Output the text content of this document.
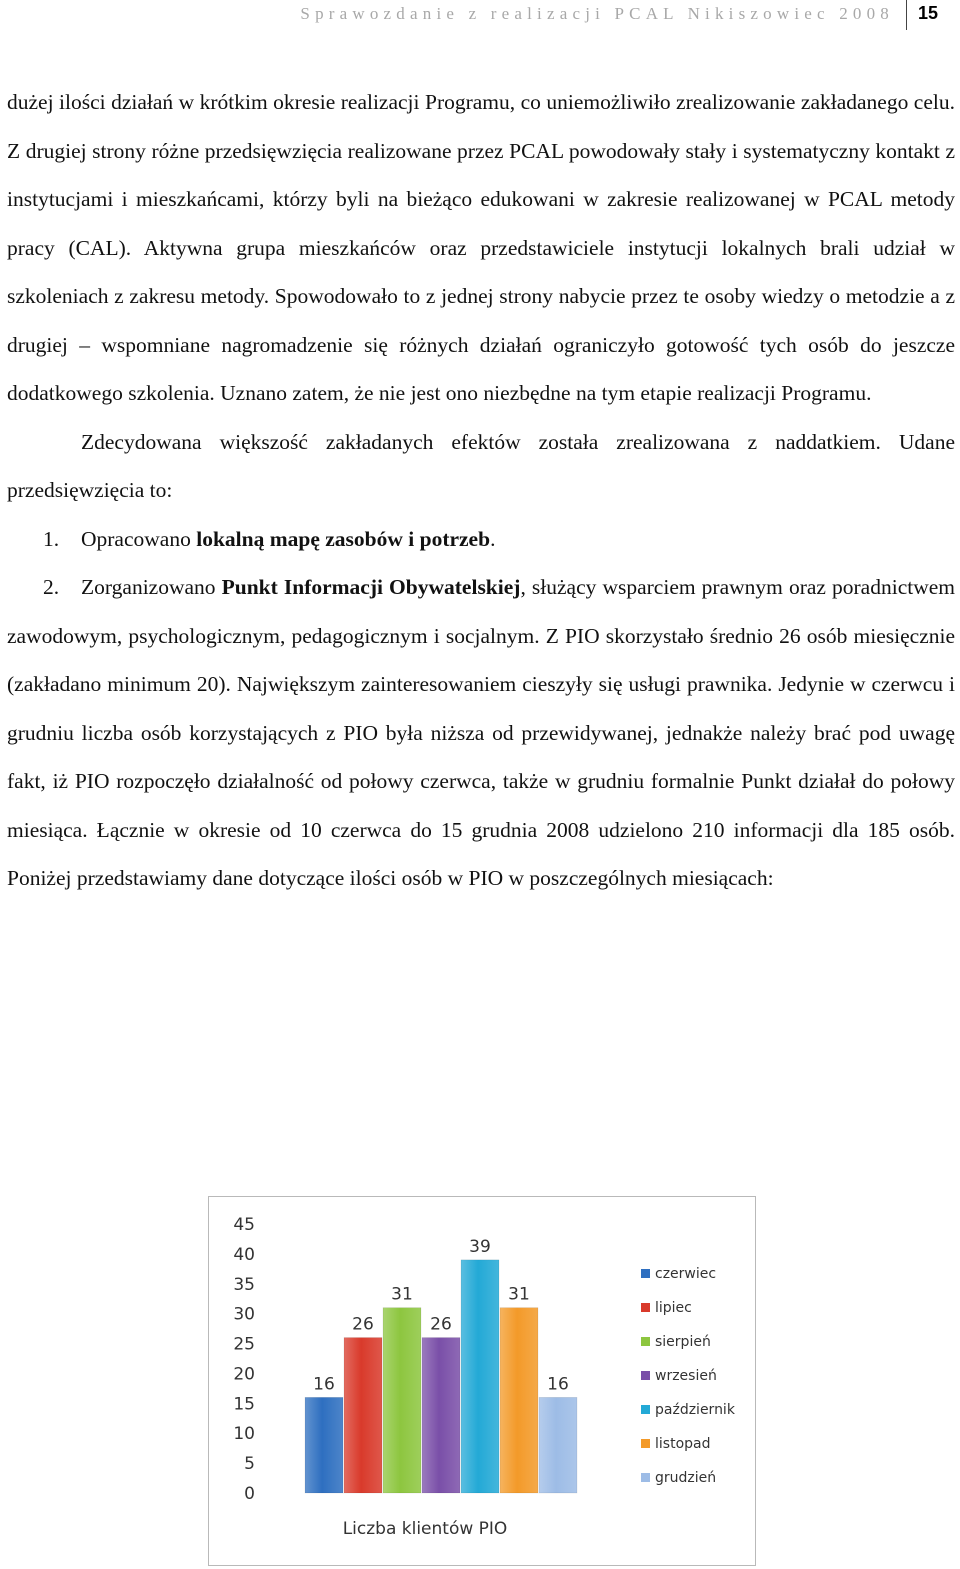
Sprawozdanie z realizacji PCAL Nikiszowiec 2008 15

dużej ilości działań w krótkim okresie realizacji Programu, co uniemożliwiło zrealizowanie zakładanego celu. Z drugiej strony różne przedsięwzięcia realizowane przez PCAL powodowały stały i systematyczny kontakt z instytucjami i mieszkańcami, którzy byli na bieżąco edukowani w zakresie realizowanej w PCAL metody pracy (CAL). Aktywna grupa mieszkańców oraz przedstawiciele instytucji lokalnych brali udział w szkoleniach z zakresu metody. Spowodowało to z jednej strony nabycie przez te osoby wiedzy o metodzie a z drugiej – wspomniane nagromadzenie się różnych działań ograniczyło gotowość tych osób do jeszcze dodatkowego szkolenia. Uznano zatem, że nie jest ono niezbędne na tym etapie realizacji Programu.

Zdecydowana większość zakładanych efektów została zrealizowana z naddatkiem. Udane przedsięwzięcia to:

1. Opracowano lokalną mapę zasobów i potrzeb.

2. Zorganizowano Punkt Informacji Obywatelskiej, służący wsparciem prawnym oraz poradnictwem zawodowym, psychologicznym, pedagogicznym i socjalnym. Z PIO skorzystało średnio 26 osób miesięcznie (zakładano minimum 20). Największym zainteresowaniem cieszyły się usługi prawnika. Jedynie w czerwcu i grudniu liczba osób korzystających z PIO była niższa od przewidywanej, jednakże należy brać pod uwagę fakt, iż PIO rozpoczęło działalność od połowy czerwca, także w grudniu formalnie Punkt działał do połowy miesiąca. Łącznie w okresie od 10 czerwca do 15 grudnia 2008 udzielono 210 informacji dla 185 osób. Poniżej przedstawiamy dane dotyczące ilości osób w PIO w poszczególnych miesiącach:

0
5
10
15
20
25
30
35
40
45
16
26
31
26
39
31
16
czerwiec
lipiec
sierpień
wrzesień
październik
listopad
grudzień
Liczba klientów PIO
